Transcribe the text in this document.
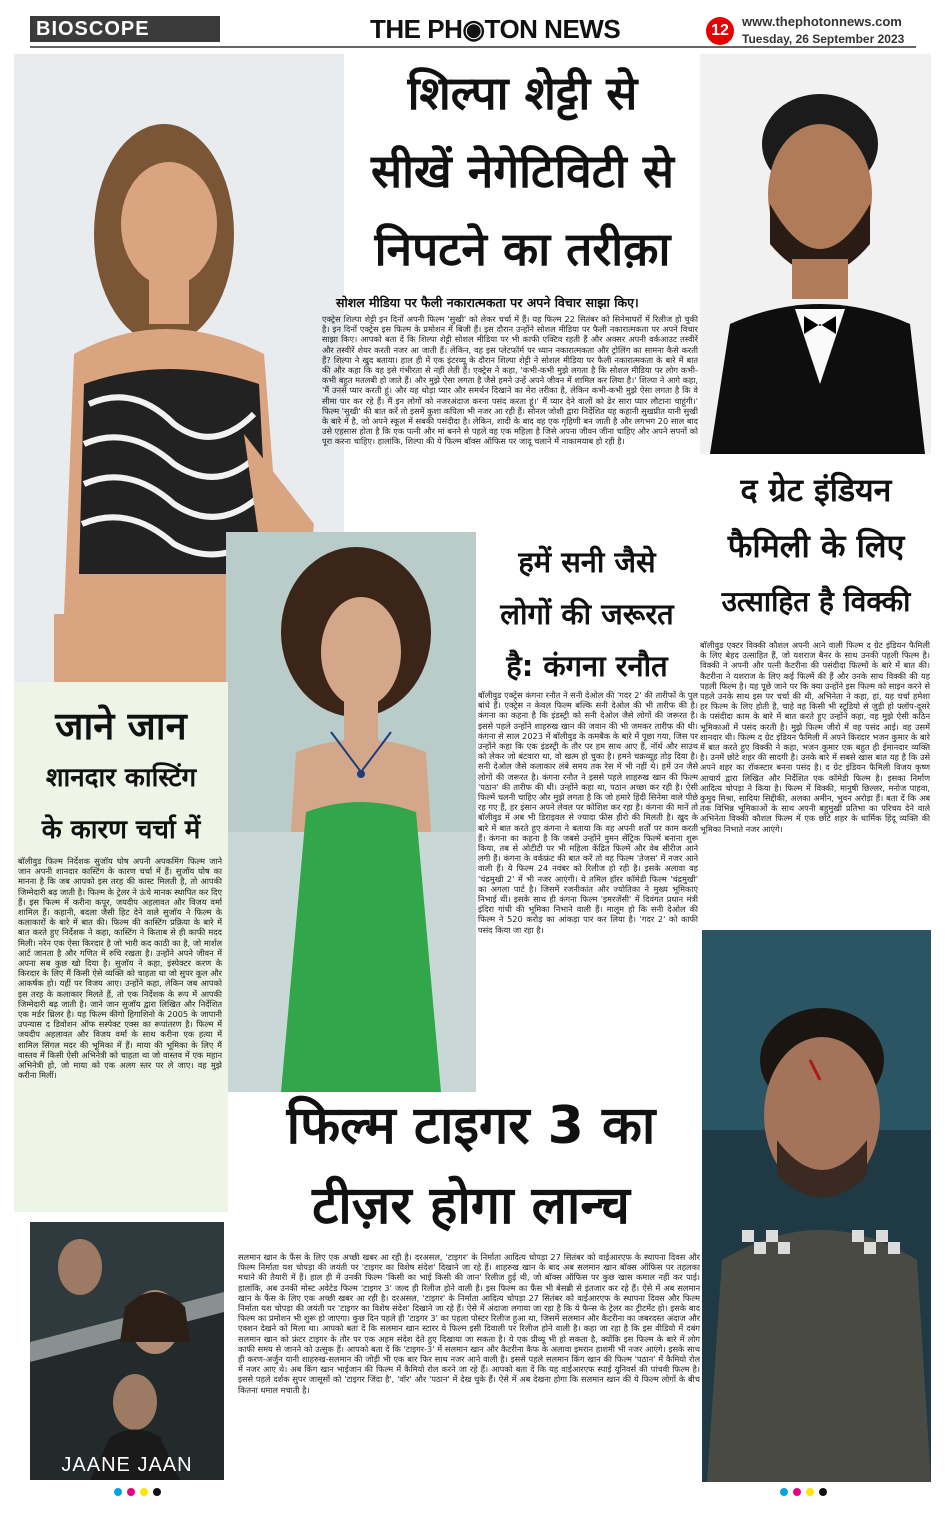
BIOSCOPE	THE PH◉TON NEWS	12
www.thephotonnews.com
Tuesday, 26 September 2023
शिल्पा शेट्टी से
सीखें नेगेटिविटी से
निपटने का तरीक़ा
सोशल मीडिया पर फैली नकारात्मकता पर अपने विचार साझा किए।
एक्ट्रेस शिल्पा शेट्टी इन दिनों अपनी फिल्म 'सुखी' को लेकर चर्चा में हैं। यह फिल्म 22 सितंबर को सिनेमाघरों में रिलीज हो चुकी है। इन दिनों एक्ट्रेस इस फिल्म के प्रमोशन में बिजी हैं। इस दौरान उन्होंने सोशल मीडिया पर फैली नकारात्मकता पर अपने विचार साझा किए। आपको बता दें कि शिल्पा शेट्टी सोशल मीडिया पर भी काफी एक्टिव रहती हैं और अक्सर अपनी वर्कआउट तस्वीरें और तस्वीरें शेयर करती नजर आ जाती हैं। लेकिन, वह इस प्लेटफॉर्म पर ध्यान नकारात्मकता और ट्रोलिंग का सामना कैसे करती हैं? शिल्पा ने खुद बताया। हाल ही में एक इंटरव्यू के दौरान शिल्पा शेट्टी ने सोशल मीडिया पर फैली नकारात्मकता के बारे में बात की और कहा कि वह इसे गंभीरता से नहीं लेती हैं। एक्ट्रेस ने कहा, 'कभी-कभी मुझे लगता है कि सोशल मीडिया पर लोग कभी-कभी बहुत मतलबी हो जाते हैं। और मुझे ऐसा लगता है जैसे हमने उन्हें अपने जीवन में शामिल कर लिया है।' शिल्पा ने आगे कहा, 'मैं उनसे प्यार करती हूं। और यह थोड़ा प्यार और समर्थन दिखाने का मेरा तरीका है, लेकिन कभी-कभी मुझे ऐसा लगता है कि वे सीमा पार कर रहे हैं। मैं इन लोगों को नजरअंदाज करना पसंद करता हूं।' मैं प्यार देने वालों को ढेर सारा प्यार लौटाना चाहूंगी।' फिल्म 'सुखी' की बात करें तो इसमें कुशा कपिला भी नजर आ रही हैं। सोनल जोशी द्वारा निर्देशित यह कहानी सुखप्रीत यानी सुखी के बारे में है, जो अपने स्कूल में सबकी पसंदीदा है। लेकिन, शादी के बाद वह एक गृहिणी बन जाती है और लगभग 20 साल बाद उसे एहसास होता है कि एक पत्नी और मां बनने से पहले वह एक महिला है जिसे अपना जीवन जीना चाहिए और अपने सपनों को पूरा करना चाहिए। हालांकि, शिल्पा की ये फिल्म बॉक्स ऑफिस पर जादू चलाने में नाकामयाब हो रही है।
द ग्रेट इंडियन
फैमिली के लिए
उत्साहित है विक्की
बॉलीवुड एक्टर विक्की कौशल अपनी आने वाली फिल्म द ग्रेट इंडियन फैमिली के लिए बेहद उत्साहित हैं, जो यशराज बैनर के साथ उनकी पहली फिल्म है। विक्की ने अपनी और पत्नी कैटरीना की पसंदीदा फिल्मों के बारे में बात की। कैटरीना ने यशराज के लिए कई फिल्में की हैं और उनके साथ विक्की की यह पहली फिल्म है। यह पूछे जाने पर कि क्या उन्होंने इस फिल्म को साइन करने से पहले उनके साथ इस पर चर्चा की थी, अभिनेता ने कहा, हां, यह चर्चा हमेशा हर फिल्म के लिए होती है, चाहे वह किसी भी स्टूडियो से जुड़ी हो फ्लॉप-दूसरे के पसंदीदा काम के बारे में बात करते हुए उन्होंने कहा, वह मुझे ऐसी कठिन भूमिकाओं में पसंद करती है। मुझे फिल्म जीरो में वह पसंद आई। वह उसमें शानदार थी। फिल्म द ग्रेट इंडियन फैमिली में अपने किरदार भजन कुमार के बारे में बात करते हुए विक्की ने कहा, भजन कुमार एक बहुत ही ईमानदार व्यक्ति है। उनमें छोटे शहर की सादगी है। उनके बारे में सबसे खास बात यह है कि उसे अपने शहर का रॉकस्टार बनना पसंद है। द ग्रेट इंडियन फैमिली विजय कृष्ण आचार्य द्वारा लिखित और निर्देशित एक कॉमेडी फिल्म है। इसका निर्माण आदित्य चोपड़ा ने किया है। फिल्म में विक्की, मानुषी छिल्लर, मनोज पाहवा, कुमुद मिश्रा, सादिया सिद्दीकी, अलका अमीन, भुवन अरोड़ा हैं। बता दें कि अब तक विभिन्न भूमिकाओं के साथ अपनी बहुमुखी प्रतिभा का परिचय देने वाले अभिनेता विक्की कौशल फिल्म में एक छोटे शहर के धार्मिक हिंदू व्यक्ति की भूमिका निभाते नजर आएंगे।
हमें सनी जैसे
लोगों की जरूरत
है: कंगना रनौत
बॉलीवुड एक्ट्रेस कंगना रनौत ने सनी देओल की 'गदर 2' की तारीफों के पुल बांधे हैं। एक्ट्रेस न केवल फिल्म बल्कि सनी देओल की भी तारीफ की है। कंगना का कहना है कि इंडस्ट्री को सनी देओल जैसे लोगों की जरूरत है। इससे पहले उन्होंने शाहरुख खान की जवान की भी जमकर तारीफ की थी। कंगना से साल 2023 में बॉलीवुड के कमबैक के बारे में पूछा गया, जिस पर उन्होंने कहा कि एक इंडस्ट्री के तौर पर हम साथ आए हैं, नॉर्थ और साउथ को लेकर जो बंटवारा था, वो खत्म हो चुका है। हमने चक्रव्यूह तोड़ दिया है। सनी देओल जैसे कलाकार लंबे समय तक रेस में भी नहीं थे। हमें उन जैसे लोगों की जरूरत है। कंगना रनौत ने इससे पहले शाहरुख खान की फिल्म 'पठान' की तारीफ की थी। उन्होंने कहा था, पठान अच्छा कर रही है। ऐसी फिल्में चलनी चाहिए और मुझे लगता है कि जो हमारे हिंदी सिनेमा वाले पीछे रह गए हैं, हर इंसान अपने लेवल पर कोशिश कर रहा है। कंगना की मानें तो बॉलीवुड में अब भी डिराइवल से ज्यादा फीस हीरो की मिलती है। खुद के बारे में बात करते हुए कंगना ने बताया कि वह अपनी शर्तों पर काम करती हैं। कंगना का कहना है कि जबसे उन्होंने वुमन सेंट्रिक फिल्में बनाना शुरू किया, तब से ओटीटी पर भी महिला केंद्रित फिल्में और वेब सीरीज आने लगी हैं। कंगना के वर्कफ्रंट की बात करें तो वह फिल्म 'तेजस' में नजर आने वाली हैं। ये फिल्म 24 नवंबर को रिलीज हो रही है। इसके अलावा वह 'चंद्रमुखी 2' में भी नजर आएंगी। ये तमिल हॉरर कॉमेडी फिल्म 'चंद्रमुखी' का अगला पार्ट है। जिसमें रजनीकांत और ज्योतिका ने मुख्य भूमिकाएं निभाई थीं। इसके साथ ही कंगना फिल्म 'इमरजेंसी' में दिवंगत प्रधान मंत्री इंदिरा गांधी की भूमिका निभाने वाली हैं। मालूम हो कि सनी देओल की फिल्म ने 520 करोड़ का आंकड़ा पार कर लिया है। 'गदर 2' को काफी पसंद किया जा रहा है।
जाने जान
शानदार कास्टिंग
के कारण चर्चा में
बॉलीवुड फिल्म निर्देशक सुजॉय घोष अपनी अपकमिंग फिल्म जाने जान अपनी शानदार कास्टिंग के कारण चर्चा में हैं। सुजॉय घोष का मानना है कि जब आपको इस तरह की कास्ट मिलती है, तो आपकी जिम्मेदारी बढ़ जाती है। फिल्म के ट्रेलर ने ऊंचे मानक स्थापित कर दिए हैं। इस फिल्म में करीना कपूर, जयदीप अहलावत और विजय वर्मा शामिल हैं। कहानी, बदला जैसी हिट देने वाले सुजॉय ने फिल्म के कलाकारों के बारे में बात की। फिल्म की कास्टिंग प्रक्रिया के बारे में बात करते हुए निर्देशक ने कहा, कास्टिंग ने किताब से ही काफी मदद मिली। नरेन एक ऐसा किरदार है जो भारी कद काठी का है, जो मार्शल आर्ट जानता है और गणित में रुचि रखता है। उन्होंने अपने जीवन में अपना सब कुछ खो दिया है। सुजॉय ने कहा, इंस्पेक्टर करण के किरदार के लिए मैं किसी ऐसे व्यक्ति को चाहता था जो सुपर कूल और आकर्षक हो। यहीं पर विजय आए। उन्होंने कहा, लेकिन जब आपको इस तरह के कलाकार मिलते हैं, तो एक निर्देशक के रूप में आपकी जिम्मेदारी बढ़ जाती है। जाने जान सुजॉय द्वारा लिखित और निर्देशित एक मर्डर थ्रिलर है। यह फिल्म कीगो हिगाशिनो के 2005 के जापानी उपन्यास द डिवोशन ऑफ सस्पेक्ट एक्स का रूपांतरण है। फिल्म में जयदीप अहलावत और विजय वर्मा के साथ करीना एक हत्या में शामिल सिंगल मदर की भूमिका में हैं। माया की भूमिका के लिए मैं वास्तव में किसी ऐसी अभिनेत्री को चाहता था जो वास्तव में एक महान अभिनेत्री हो, जो माया को एक अलग स्तर पर ले जाए। वह मुझे करीना मिलीं।
JAANE JAAN
फिल्म टाइगर 3 का
टीज़र होगा लान्च
सलमान खान के फैंस के लिए एक अच्छी खबर आ रही है। दरअसल, 'टाइगर' के निर्माता आदित्य चोपड़ा 27 सितंबर को वाईआरएफ के स्थापना दिवस और फिल्म निर्माता यश चोपड़ा की जयंती पर 'टाइगर का विशेष संदेश' दिखाने जा रहे हैं। शाहरुख खान के बाद अब सलमान खान बॉक्स ऑफिस पर तहलका मचाने की तैयारी में हैं। हाल ही में उनकी फिल्म 'किसी का भाई किसी की जान' रिलीज हुई थी, जो बॉक्स ऑफिस पर कुछ खास कमाल नहीं कर पाई। हालांकि, अब उनकी मोस्ट अवेटेड फिल्म 'टाइगर 3' जल्द ही रिलीज होने वाली है। इस फिल्म का फैंस भी बेसब्री से इंतजार कर रहे हैं। ऐसे में अब सलमान खान के फैंस के लिए एक अच्छी खबर आ रही है। दरअसल, 'टाइगर' के निर्माता आदित्य चोपड़ा 27 सितंबर को वाईआरएफ के स्थापना दिवस और फिल्म निर्माता यश चोपड़ा की जयंती पर 'टाइगर का विशेष संदेश' दिखाने जा रहे हैं। ऐसे में अंदाजा लगाया जा रहा है कि ये फैन्स के ट्रेलर का ट्रीटमेंट हो। इसके बाद फिल्म का प्रमोशन भी शुरू हो जाएगा। कुछ दिन पहले ही 'टाइगर 3' का पहला पोस्टर रिलीज हुआ था, जिसमें सलमान और कैटरीना का जबरदस्त अंदाज और एक्शन देखने को मिला था। आपको बता दें कि सलमान खान स्टारर ये फिल्म इसी दिवाली पर रिलीज होने वाली है। कहा जा रहा है कि इस वीडियो में दबंग सलमान खान को फ्रंटर टाइगर के तौर पर एक अहम संदेश देते हुए दिखाया जा सकता है। ये एक प्रीव्यू भी हो सकता है, क्योंकि इस फिल्म के बारे में लोग काफी समय से जानने को उत्सुक हैं। आपको बता दें कि 'टाइगर-3' में सलमान खान और कैटरीना कैफ के अलावा इमरान हाशमी भी नजर आएंगे। इसके साथ ही करण-अर्जुन यानी शाहरुख-सलमान की जोड़ी भी एक बार फिर साथ नजर आने वाली है। इससे पहले सलमान किंग खान की फिल्म 'पठान' में कैमियो रोल में नजर आए थे। अब किंग खान भाईजान की फिल्म में कैमियो रोल करने जा रहे हैं। आपको बता दें कि यह वाईआरएफ स्पाई यूनिवर्स की पांचवी फिल्म है। इससे पहले दर्शक सुपर जासूसों को 'टाइगर जिंदा है', 'वॉर' और 'पठान' में देख चुके हैं। ऐसे में अब देखना होगा कि सलमान खान की ये फिल्म लोगों के बीच कितना धमाल मचाती है।
